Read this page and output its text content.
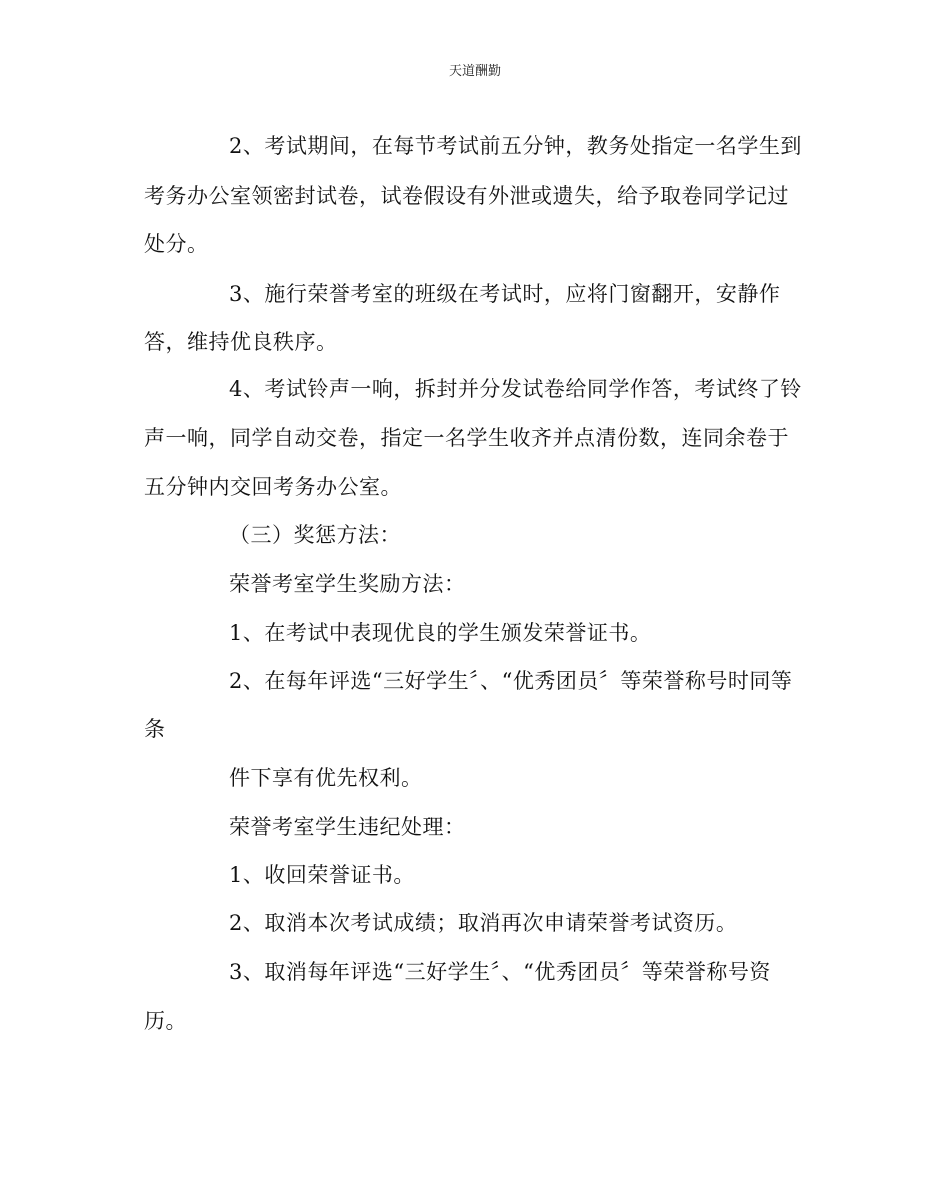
天道酬勤
2、考试期间，在每节考试前五分钟，教务处指定一名学生到
考务办公室领密封试卷，试卷假设有外泄或遗失，给予取卷同学记过
处分。
3、施行荣誉考室的班级在考试时，应将门窗翻开，安静作
答，维持优良秩序。
4、考试铃声一响，拆封并分发试卷给同学作答，考试终了铃
声一响，同学自动交卷，指定一名学生收齐并点清份数，连同余卷于
五分钟内交回考务办公室。
（三）奖惩方法：
荣誉考室学生奖励方法：
1、在考试中表现优良的学生颁发荣誉证书。
2、在每年评选“三好学生〞、“优秀团员〞等荣誉称号时同等
条
件下享有优先权利。
荣誉考室学生违纪处理：
1、收回荣誉证书。
2、取消本次考试成绩；取消再次申请荣誉考试资历。
3、取消每年评选“三好学生〞、“优秀团员〞等荣誉称号资
历。
